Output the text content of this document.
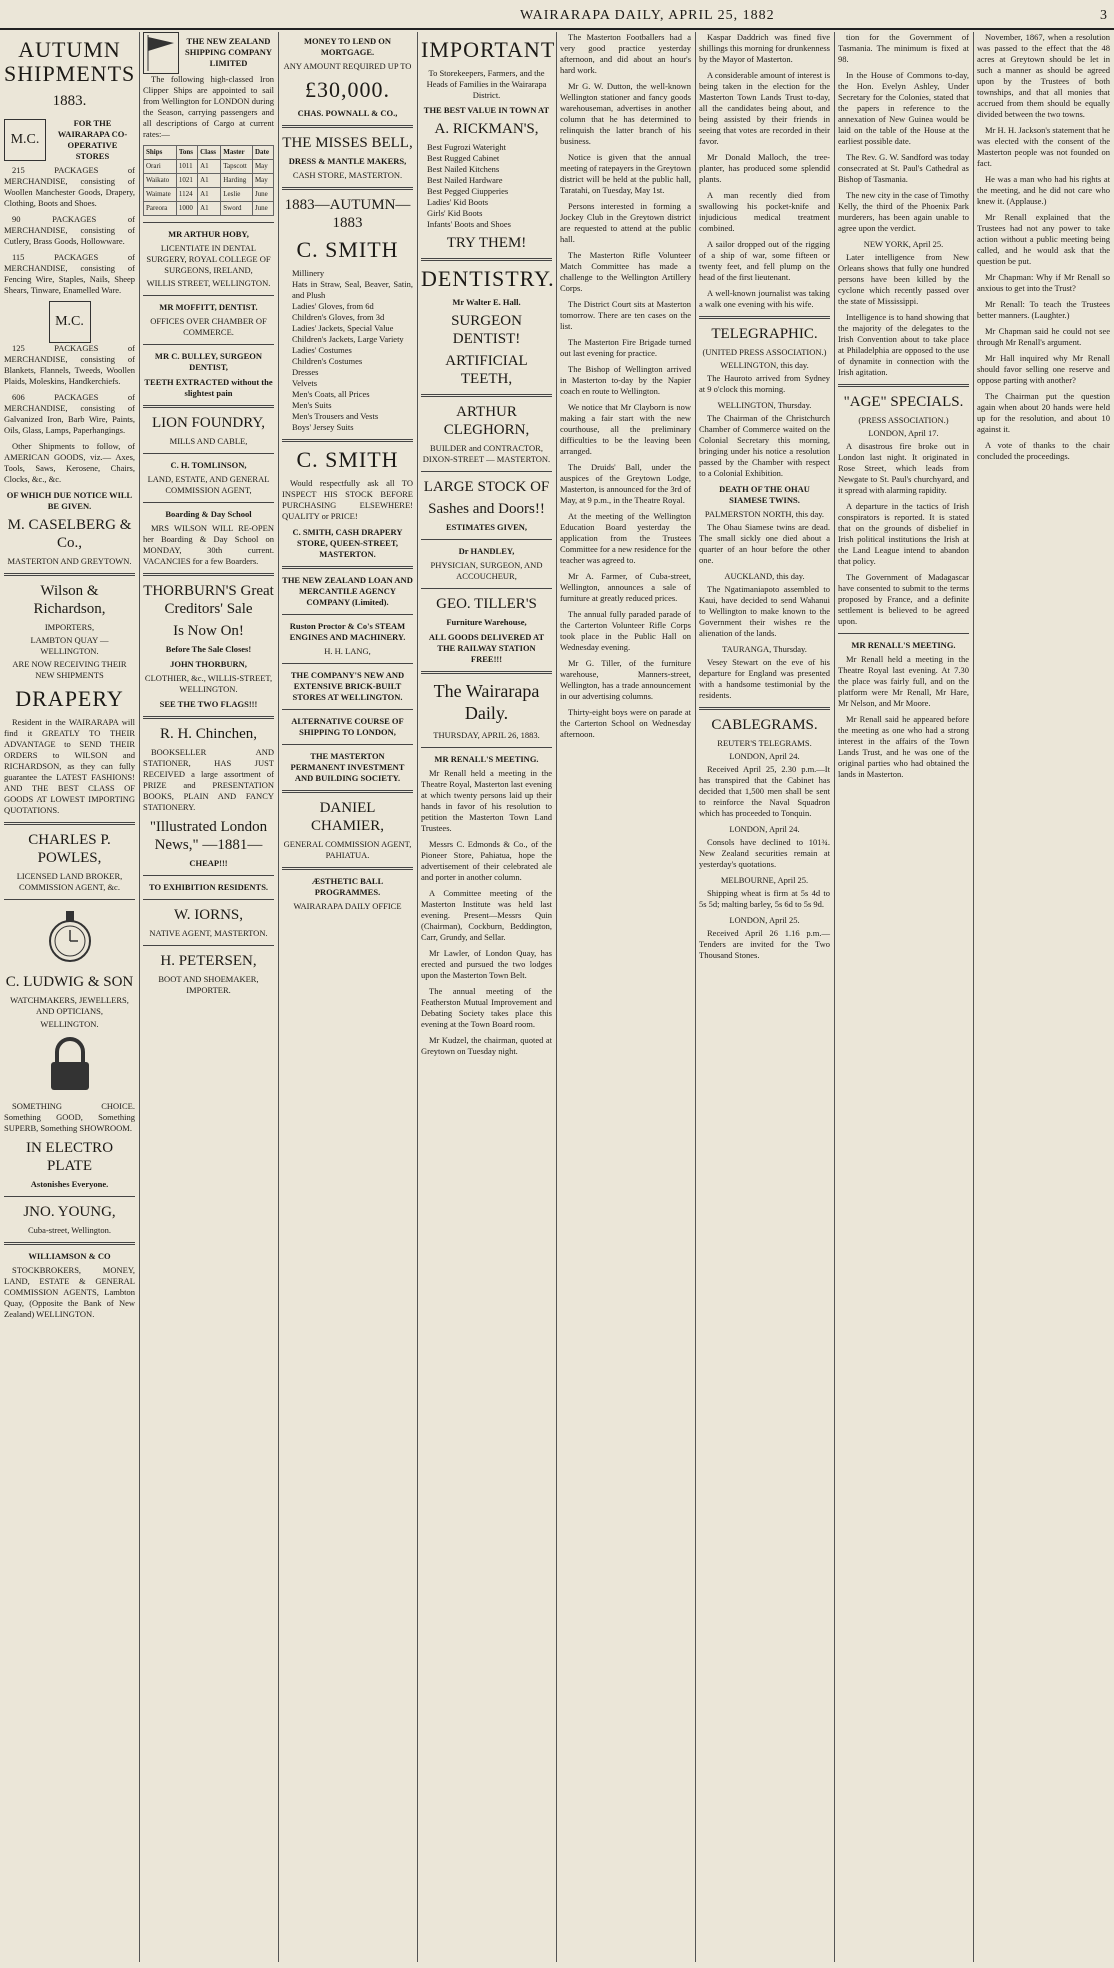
WAIRARAPA DAILY, APRIL 25, 1882	3
AUTUMN SHIPMENTS
1883.
M.C.
FOR THE WAIRARAPA CO-OPERATIVE STORES

215 PACKAGES of MERCHANDISE, consisting of Woollen Manchester Goods, Drapery, Clothing, Boots and Shoes.

90 PACKAGES of MERCHANDISE, consisting of Cutlery, Brass Goods, Hollowware.

115 PACKAGES of MERCHANDISE, consisting of Fencing Wire, Staples, Nails, Sheep Shears, Tinware, Enamelled Ware.

M.C.

125 PACKAGES of MERCHANDISE, consisting of Blankets, Flannels, Tweeds, Woollen Plaids, Moleskins, Handkerchiefs.

606 PACKAGES of MERCHANDISE, consisting of Galvanized Iron, Barb Wire, Paints, Oils, Glass, Lamps, Paperhangings.

Other Shipments to follow, of AMERICAN GOODS, viz.— Axes, Tools, Saws, Kerosene, Chairs, Clocks, &c., &c.

OF WHICH DUE NOTICE WILL BE GIVEN.
M. CASELBERG & Co.,
MASTERTON AND GREYTOWN.
Wilson & Richardson,
IMPORTERS,
LAMBTON QUAY — WELLINGTON.
ARE NOW RECEIVING THEIR NEW SHIPMENTS
DRAPERY

Resident in the WAIRARAPA will find it GREATLY TO THEIR ADVANTAGE to SEND THEIR ORDERS to WILSON and RICHARDSON, as they can fully guarantee the LATEST FASHIONS! AND THE BEST CLASS OF GOODS AT LOWEST IMPORTING QUOTATIONS.

CHARLES P. POWLES,
LICENSED LAND BROKER, COMMISSION AGENT, &c.
C. LUDWIG & SON
WATCHMAKERS, JEWELLERS, AND OPTICIANS,
WELLINGTON.

SOMETHING CHOICE. Something GOOD, Something SUPERB, Something SHOWROOM.

IN ELECTRO PLATE
Astonishes Everyone.
JNO. YOUNG,
Cuba-street, Wellington.
WILLIAMSON & CO

STOCKBROKERS, MONEY, LAND, ESTATE & GENERAL COMMISSION AGENTS, Lambton Quay, (Opposite the Bank of New Zealand) WELLINGTON.

THE NEW ZEALAND SHIPPING COMPANY LIMITED

The following high-classed Iron Clipper Ships are appointed to sail from Wellington for LONDON during the Season, carrying passengers and all descriptions of Cargo at current rates:—

Ships	Tons	Class	Master	Date
Orari	1011	A1	Tapscott	May
Waikato	1021	A1	Harding	May
Waimate	1124	A1	Leslie	June
Pareora	1000	A1	Sword	June
MR ARTHUR HOBY,
LICENTIATE IN DENTAL SURGERY, ROYAL COLLEGE OF SURGEONS, IRELAND,
WILLIS STREET, WELLINGTON.
MR MOFFITT, DENTIST.
OFFICES OVER CHAMBER OF COMMERCE.
MR C. BULLEY, SURGEON DENTIST,
TEETH EXTRACTED without the slightest pain
LION FOUNDRY,
MILLS AND CABLE,
C. H. TOMLINSON,
LAND, ESTATE, AND GENERAL COMMISSION AGENT,
Boarding & Day School

MRS WILSON WILL RE-OPEN her Boarding & Day School on MONDAY, 30th current. VACANCIES for a few Boarders.

THORBURN'S Great Creditors' Sale
Is Now On!
Before The Sale Closes!
JOHN THORBURN,
CLOTHIER, &c., WILLIS-STREET, WELLINGTON.
SEE THE TWO FLAGS!!!
R. H. Chinchen,

BOOKSELLER AND STATIONER, HAS JUST RECEIVED a large assortment of PRIZE and PRESENTATION BOOKS, PLAIN AND FANCY STATIONERY.

"Illustrated London News," —1881—
CHEAP!!!
TO EXHIBITION RESIDENTS.
W. IORNS,
NATIVE AGENT, MASTERTON.
H. PETERSEN,
BOOT AND SHOEMAKER, IMPORTER.
MONEY TO LEND ON MORTGAGE.
ANY AMOUNT REQUIRED UP TO
£30,000.
CHAS. POWNALL & CO.,
THE MISSES BELL,
DRESS & MANTLE MAKERS,
CASH STORE, MASTERTON.
1883—AUTUMN—1883
C. SMITH
Millinery
Hats in Straw, Seal, Beaver, Satin, and Plush
Ladies' Gloves, from 6d
Children's Gloves, from 3d
Ladies' Jackets, Special Value
Children's Jackets, Large Variety
Ladies' Costumes
Children's Costumes
Dresses
Velvets
Men's Coats, all Prices
Men's Suits
Men's Trousers and Vests
Boys' Jersey Suits
C. SMITH

Would respectfully ask all TO INSPECT HIS STOCK BEFORE PURCHASING ELSEWHERE! QUALITY or PRICE!

C. SMITH, CASH DRAPERY STORE, QUEEN-STREET, MASTERTON.
THE NEW ZEALAND LOAN AND MERCANTILE AGENCY COMPANY (Limited).
Ruston Proctor & Co's STEAM ENGINES AND MACHINERY.
H. H. LANG,
THE COMPANY'S NEW AND EXTENSIVE BRICK-BUILT STORES AT WELLINGTON.
ALTERNATIVE COURSE OF SHIPPING TO LONDON,
THE MASTERTON PERMANENT INVESTMENT AND BUILDING SOCIETY.
DANIEL CHAMIER,
GENERAL COMMISSION AGENT, PAHIATUA.
ÆSTHETIC BALL PROGRAMMES.
WAIRARAPA DAILY OFFICE
IMPORTANT
To Storekeepers, Farmers, and the Heads of Families in the Wairarapa District.
THE BEST VALUE IN TOWN AT
A. RICKMAN'S,
Best Fugrozi Wateright
Best Rugged Cabinet
Best Nailed Kitchens
Best Nailed Hardware
Best Pegged Ciupperies
Ladies' Kid Boots
Girls' Kid Boots
Infants' Boots and Shoes
TRY THEM!
DENTISTRY.
Mr Walter E. Hall.
SURGEON DENTIST!
ARTIFICIAL TEETH,
ARTHUR CLEGHORN,
BUILDER and CONTRACTOR, DIXON-STREET — MASTERTON.
LARGE STOCK OF
Sashes and Doors!!
ESTIMATES GIVEN,
Dr HANDLEY,
PHYSICIAN, SURGEON, AND ACCOUCHEUR,
GEO. TILLER'S
Furniture Warehouse,
ALL GOODS DELIVERED AT THE RAILWAY STATION FREE!!!
The Wairarapa Daily.
THURSDAY, APRIL 26, 1883.
MR RENALL'S MEETING.

Mr Renall held a meeting in the Theatre Royal, Masterton last evening at which twenty persons laid up their hands in favor of his resolution to petition the Masterton Town Land Trustees.

Messrs C. Edmonds & Co., of the Pioneer Store, Pahiatua, hope the advertisement of their celebrated ale and porter in another column.

A Committee meeting of the Masterton Institute was held last evening. Present—Messrs Quin (Chairman), Cockburn, Beddington, Carr, Grundy, and Sellar.

Mr Lawler, of London Quay, has erected and pursued the two lodges upon the Masterton Town Belt.

The annual meeting of the Featherston Mutual Improvement and Debating Society takes place this evening at the Town Board room.

Mr Kudzel, the chairman, quoted at Greytown on Tuesday night.

The Masterton Footballers had a very good practice yesterday afternoon, and did about an hour's hard work.

Mr G. W. Dutton, the well-known Wellington stationer and fancy goods warehouseman, advertises in another column that he has determined to relinquish the latter branch of his business.

Notice is given that the annual meeting of ratepayers in the Greytown district will be held at the public hall, Taratahi, on Tuesday, May 1st.

Persons interested in forming a Jockey Club in the Greytown district are requested to attend at the public hall.

The Masterton Rifle Volunteer Match Committee has made a challenge to the Wellington Artillery Corps.

The District Court sits at Masterton tomorrow. There are ten cases on the list.

The Masterton Fire Brigade turned out last evening for practice.

The Bishop of Wellington arrived in Masterton to-day by the Napier coach en route to Wellington.

We notice that Mr Clayborn is now making a fair start with the new courthouse, all the preliminary difficulties to be the leaving been arranged.

The Druids' Ball, under the auspices of the Greytown Lodge, Masterton, is announced for the 3rd of May, at 9 p.m., in the Theatre Royal.

At the meeting of the Wellington Education Board yesterday the application from the Trustees Committee for a new residence for the teacher was agreed to.

Mr A. Farmer, of Cuba-street, Wellington, announces a sale of furniture at greatly reduced prices.

The annual fully paraded parade of the Carterton Volunteer Rifle Corps took place in the Public Hall on Wednesday evening.

Mr G. Tiller, of the furniture warehouse, Manners-street, Wellington, has a trade announcement in our advertising columns.

Thirty-eight boys were on parade at the Carterton School on Wednesday afternoon.

Kaspar Daddrich was fined five shillings this morning for drunkenness by the Mayor of Masterton.

A considerable amount of interest is being taken in the election for the Masterton Town Lands Trust to-day, all the candidates being about, and being assisted by their friends in seeing that votes are recorded in their favor.

Mr Donald Malloch, the tree-planter, has produced some splendid plants.

A man recently died from swallowing his pocket-knife and injudicious medical treatment combined.

A sailor dropped out of the rigging of a ship of war, some fifteen or twenty feet, and fell plump on the head of the first lieutenant.

A well-known journalist was taking a walk one evening with his wife.

TELEGRAPHIC.
(UNITED PRESS ASSOCIATION.)
WELLINGTON, this day.

The Hauroto arrived from Sydney at 9 o'clock this morning.

WELLINGTON, Thursday.

The Chairman of the Christchurch Chamber of Commerce waited on the Colonial Secretary this morning, bringing under his notice a resolution passed by the Chamber with respect to a Colonial Exhibition.

DEATH OF THE OHAU SIAMESE TWINS.
PALMERSTON NORTH, this day.

The Ohau Siamese twins are dead. The small sickly one died about a quarter of an hour before the other one.

AUCKLAND, this day.

The Ngatimaniapoto assembled to Kaui, have decided to send Wahanui to Wellington to make known to the Government their wishes re the alienation of the lands.

TAURANGA, Thursday.

Vesey Stewart on the eve of his departure for England was presented with a handsome testimonial by the residents.

CABLEGRAMS.
REUTER'S TELEGRAMS.
LONDON, April 24.

Received April 25, 2.30 p.m.—It has transpired that the Cabinet has decided that 1,500 men shall be sent to reinforce the Naval Squadron which has proceeded to Tonquin.

LONDON, April 24.

Consols have declined to 101¾. New Zealand securities remain at yesterday's quotations.

MELBOURNE, April 25.

Shipping wheat is firm at 5s 4d to 5s 5d; malting barley, 5s 6d to 5s 9d.

LONDON, April 25.

Received April 26 1.16 p.m.—Tenders are invited for the Two Thousand Stones.

tion for the Government of Tasmania. The minimum is fixed at 98.

In the House of Commons to-day, the Hon. Evelyn Ashley, Under Secretary for the Colonies, stated that the papers in reference to the annexation of New Guinea would be laid on the table of the House at the earliest possible date.

The Rev. G. W. Sandford was today consecrated at St. Paul's Cathedral as Bishop of Tasmania.

The new city in the case of Timothy Kelly, the third of the Phoenix Park murderers, has been again unable to agree upon the verdict.

NEW YORK, April 25.

Later intelligence from New Orleans shows that fully one hundred persons have been killed by the cyclone which recently passed over the state of Mississippi.

Intelligence is to hand showing that the majority of the delegates to the Irish Convention about to take place at Philadelphia are opposed to the use of dynamite in connection with the Irish agitation.

"AGE" SPECIALS.
(PRESS ASSOCIATION.)
LONDON, April 17.

A disastrous fire broke out in London last night. It originated in Rose Street, which leads from Newgate to St. Paul's churchyard, and it spread with alarming rapidity.

A departure in the tactics of Irish conspirators is reported. It is stated that on the grounds of disbelief in Irish political institutions the Irish at the Land League intend to abandon that policy.

The Government of Madagascar have consented to submit to the terms proposed by France, and a definite settlement is believed to be agreed upon.

MR RENALL'S MEETING.

Mr Renall held a meeting in the Theatre Royal last evening. At 7.30 the place was fairly full, and on the platform were Mr Renall, Mr Hare, Mr Nelson, and Mr Moore.

Mr Renall said he appeared before the meeting as one who had a strong interest in the affairs of the Town Lands Trust, and he was one of the original parties who had obtained the lands in Masterton.

November, 1867, when a resolution was passed to the effect that the 48 acres at Greytown should be let in such a manner as should be agreed upon by the Trustees of both townships, and that all monies that accrued from them should be equally divided between the two towns.

Mr H. H. Jackson's statement that he was elected with the consent of the Masterton people was not founded on fact.

He was a man who had his rights at the meeting, and he did not care who knew it. (Applause.)

Mr Renall explained that the Trustees had not any power to take action without a public meeting being called, and he would ask that the question be put.

Mr Chapman: Why if Mr Renall so anxious to get into the Trust?

Mr Renall: To teach the Trustees better manners. (Laughter.)

Mr Chapman said he could not see through Mr Renall's argument.

Mr Hall inquired why Mr Renall should favor selling one reserve and oppose parting with another?

The Chairman put the question again when about 20 hands were held up for the resolution, and about 10 against it.

A vote of thanks to the chair concluded the proceedings.
